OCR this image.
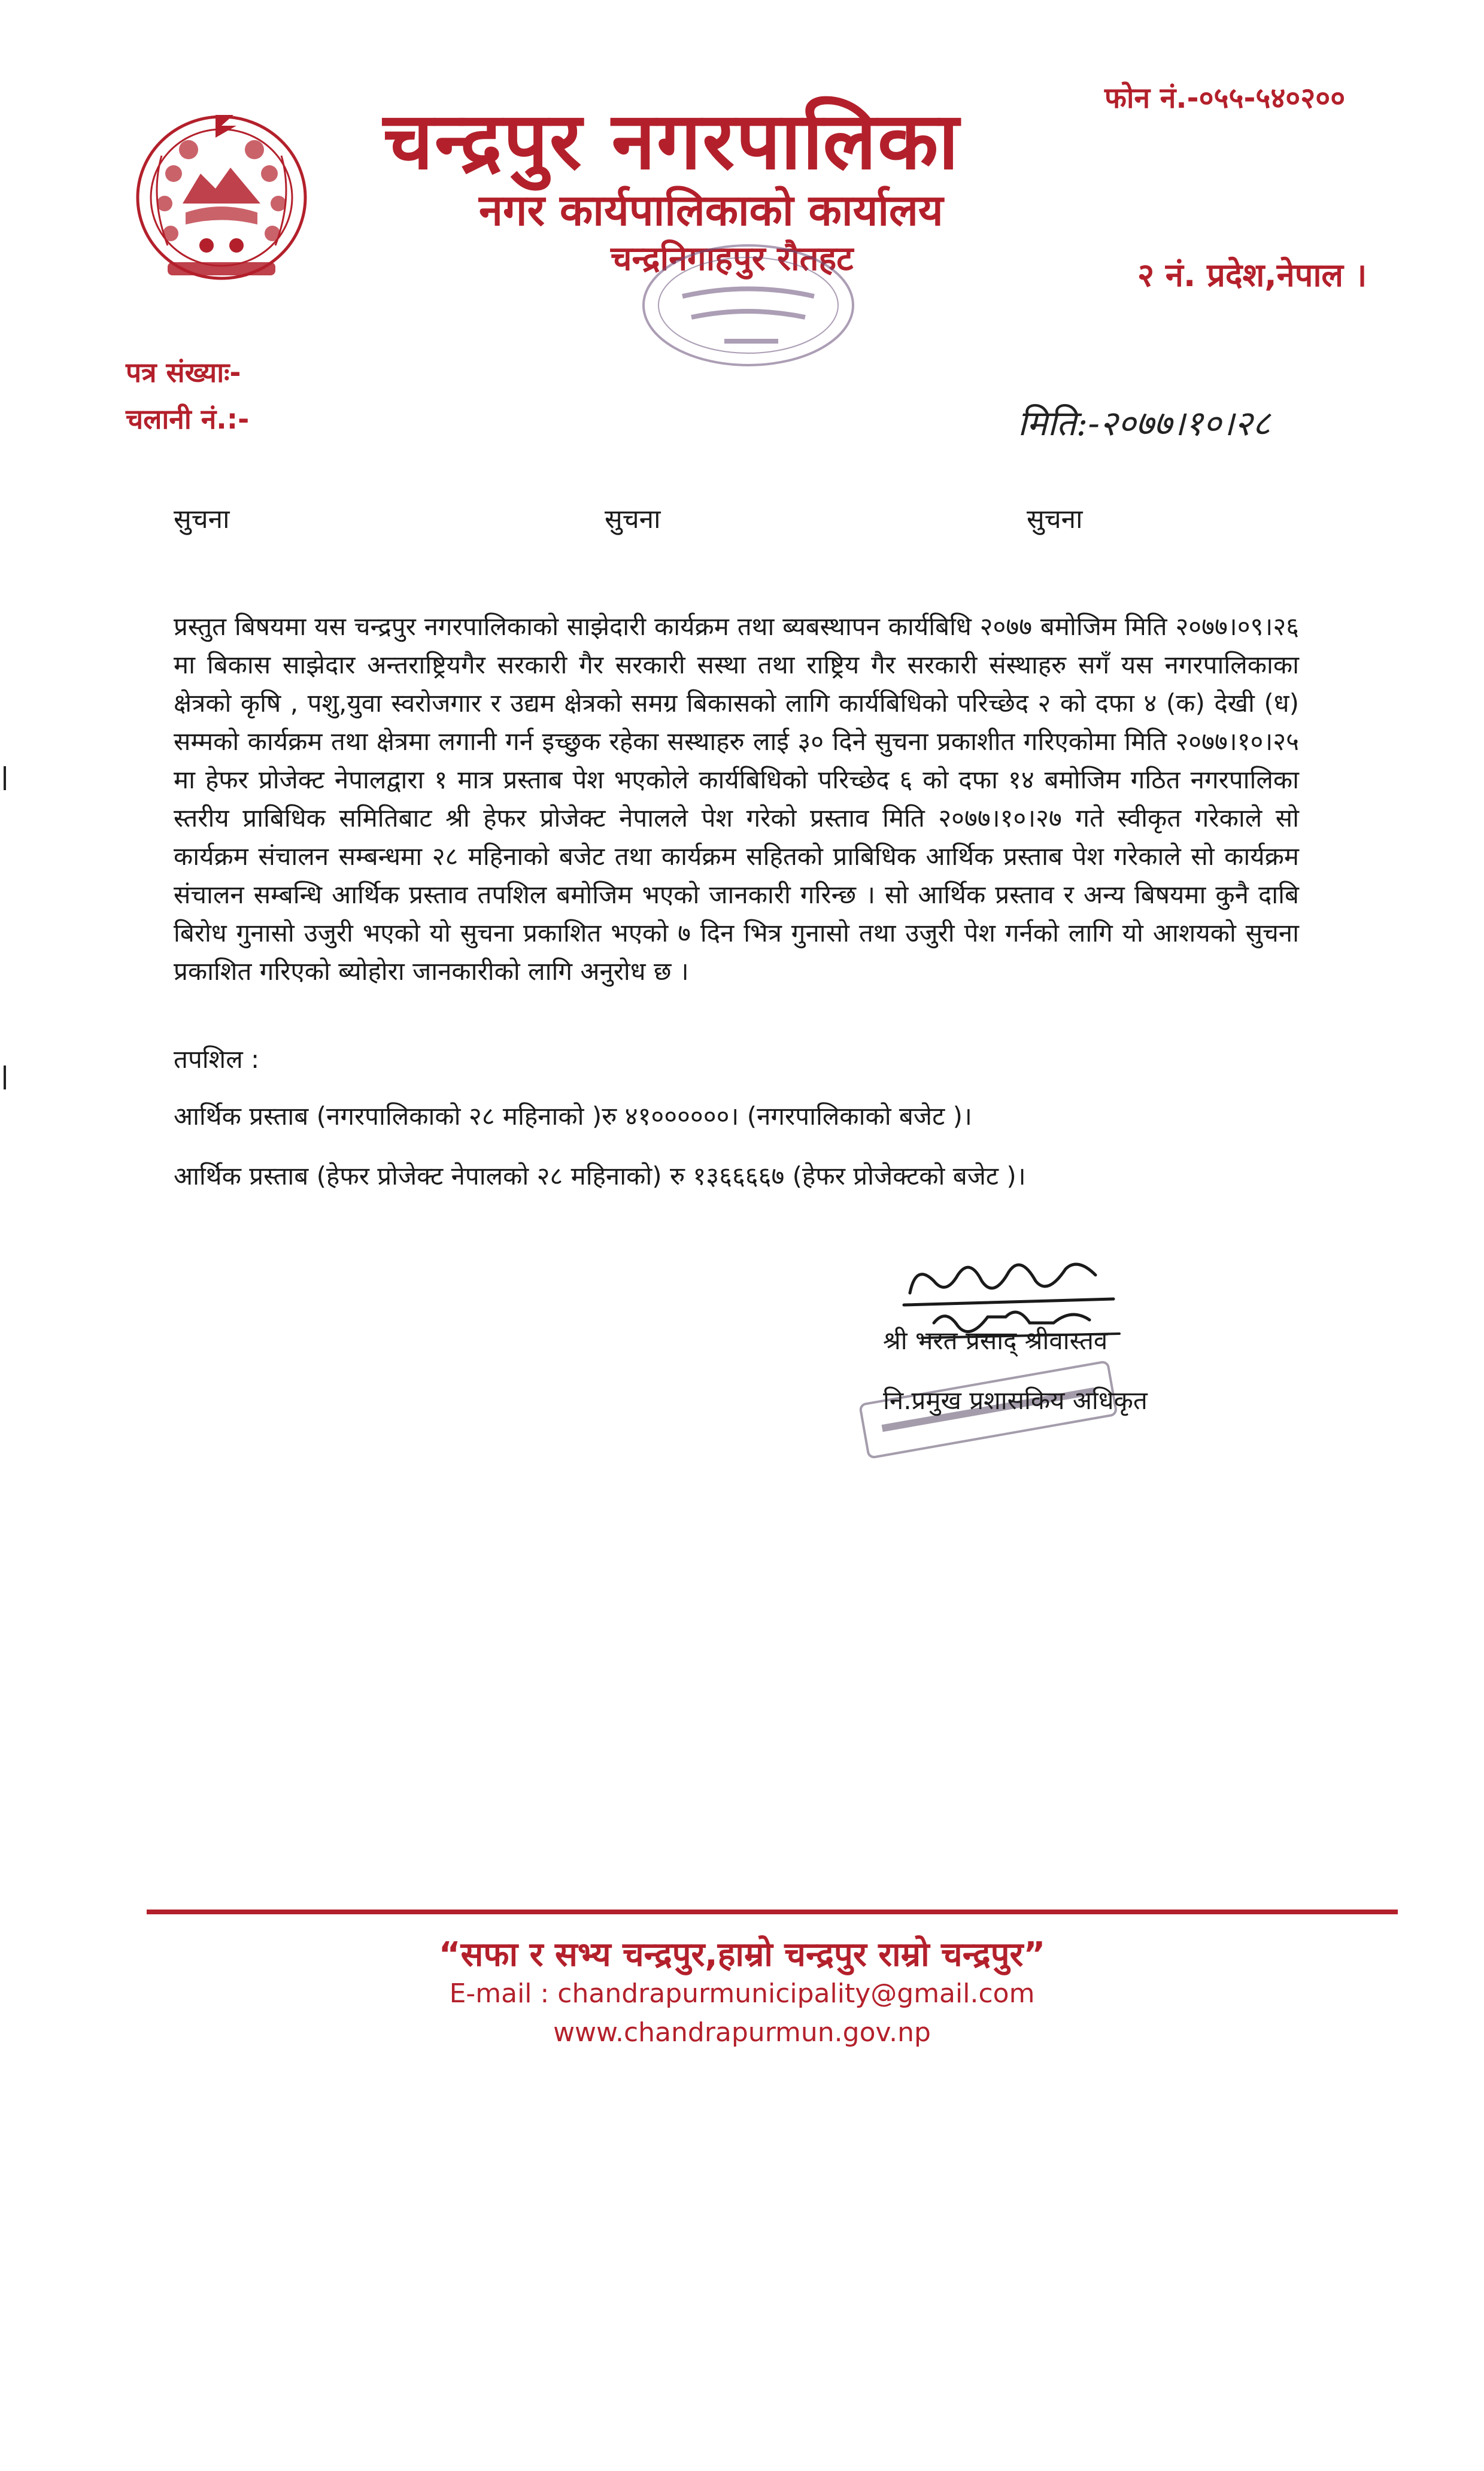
चन्द्रपुर नगरपालिका
नगर कार्यपालिकाको कार्यालय
चन्द्रनिगाहपुर रौतहट
फोन नं.-०५५-५४०२००
२ नं. प्रदेश,नेपाल ।
पत्र संख्याः-
चलानी नं.:-	मिति:-२०७७।१०।२८
सुचना	सुचना	सुचना

प्रस्तुत बिषयमा यस चन्द्रपुर नगरपालिकाको साझेदारी कार्यक्रम तथा ब्यबस्थापन कार्यबिधि २०७७ बमोजिम मिति २०७७।०९।२६ मा बिकास साझेदार अन्तराष्ट्रियगैर सरकारी गैर सरकारी सस्था तथा राष्ट्रिय गैर सरकारी संस्थाहरु सगँ यस नगरपालिकाका क्षेत्रको कृषि , पशु,युवा स्वरोजगार र उद्यम क्षेत्रको समग्र बिकासको लागि कार्यबिधिको परिच्छेद २ को दफा ४ (क) देखी (ध) सम्मको कार्यक्रम तथा क्षेत्रमा लगानी गर्न इच्छुक रहेका सस्थाहरु लाई ३० दिने सुचना प्रकाशीत गरिएकोमा मिति २०७७।१०।२५ मा हेफर प्रोजेक्ट नेपालद्वारा १ मात्र प्रस्ताब पेश भएकोले कार्यबिधिको परिच्छेद ६ को दफा १४ बमोजिम गठित नगरपालिका स्तरीय प्राबिधिक समितिबाट श्री हेफर प्रोजेक्ट नेपालले पेश गरेको प्रस्ताव मिति २०७७।१०।२७ गते स्वीकृत गरेकाले सो कार्यक्रम संचालन सम्बन्धमा २८ महिनाको बजेट तथा कार्यक्रम सहितको प्राबिधिक आर्थिक प्रस्ताब पेश गरेकाले सो कार्यक्रम संचालन सम्बन्धि आर्थिक प्रस्ताव तपशिल बमोजिम भएको जानकारी गरिन्छ । सो आर्थिक प्रस्ताव र अन्य बिषयमा कुनै दाबि बिरोध गुनासो उजुरी भएको यो सुचना प्रकाशित भएको ७ दिन भित्र गुनासो तथा उजुरी पेश गर्नको लागि यो आशयको सुचना प्रकाशित गरिएको ब्योहोरा जानकारीको लागि अनुरोध छ ।

तपशिल :
आर्थिक प्रस्ताब (नगरपालिकाको २८ महिनाको )रु ४१००००००। (नगरपालिकाको बजेट )।
आर्थिक प्रस्ताब (हेफर प्रोजेक्ट नेपालको २८ महिनाको) रु १३६६६६७ (हेफर प्रोजेक्टको बजेट )।
श्री भरत प्रसाद् श्रीवास्तव
नि.प्रमुख प्रशासकिय अधिकृत
“सफा र सभ्य चन्द्रपुर,हाम्रो चन्द्रपुर राम्रो चन्द्रपुर”
E-mail : chandrapurmunicipality@gmail.com
www.chandrapurmun.gov.np
